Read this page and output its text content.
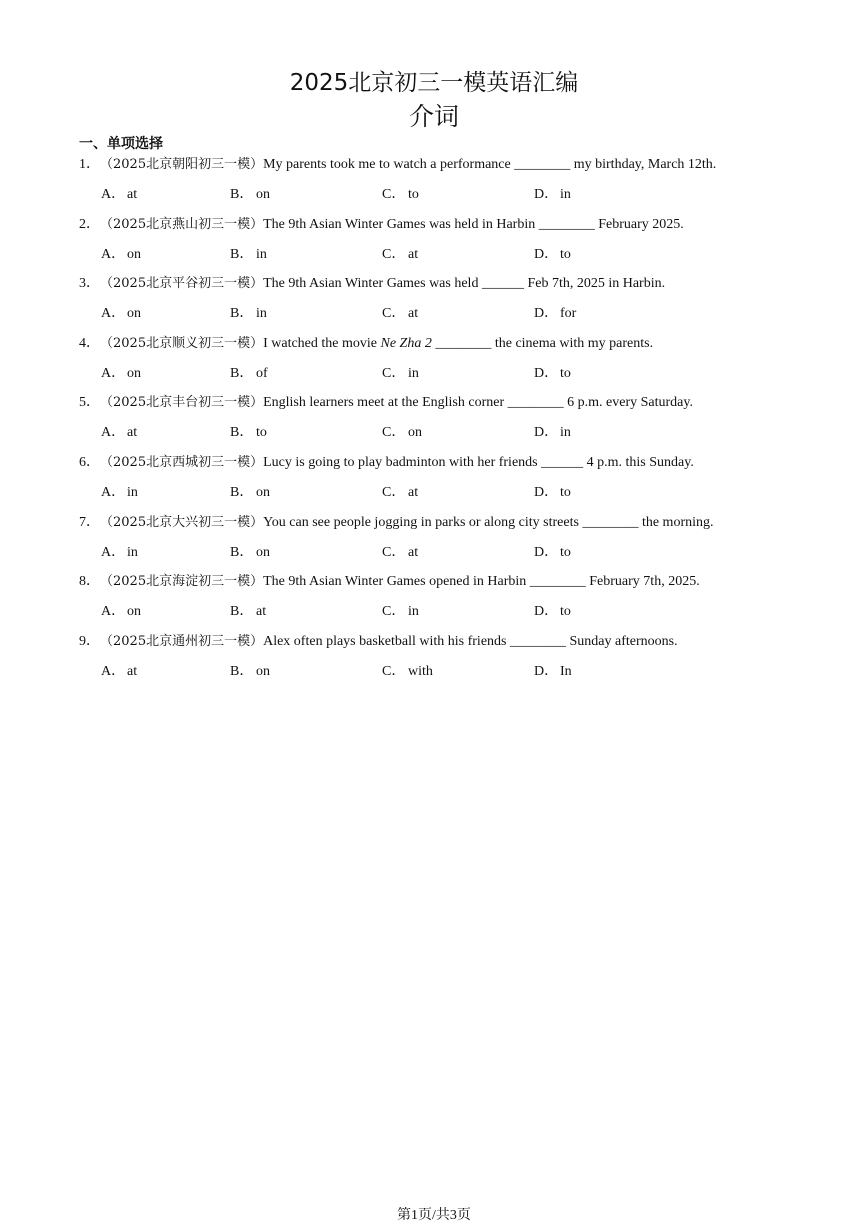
2025北京初三一模英语汇编
介词
一、单项选择
1．（2025北京朝阳初三一模）My parents took me to watch a performance ________ my birthday, March 12th.
A． at	B． on	C． to	D． in
2．（2025北京燕山初三一模）The 9th Asian Winter Games was held in Harbin ________ February 2025.
A． on	B． in	C． at	D． to
3．（2025北京平谷初三一模）The 9th Asian Winter Games was held ______ Feb 7th, 2025 in Harbin.
A． on	B． in	C． at	D． for
4．（2025北京顺义初三一模）I watched the movie Ne Zha 2 ________ the cinema with my parents.
A． on	B． of	C． in	D． to
5．（2025北京丰台初三一模）English learners meet at the English corner ________ 6 p.m. every Saturday.
A． at	B． to	C． on	D． in
6．（2025北京西城初三一模）Lucy is going to play badminton with her friends ______ 4 p.m. this Sunday.
A． in	B． on	C． at	D． to
7．（2025北京大兴初三一模）You can see people jogging in parks or along city streets ________ the morning.
A． in	B． on	C． at	D． to
8．（2025北京海淀初三一模）The 9th Asian Winter Games opened in Harbin ________ February 7th, 2025.
A． on	B． at	C． in	D． to
9．（2025北京通州初三一模）Alex often plays basketball with his friends ________ Sunday afternoons.
A． at	B． on	C． with	D． In
第1页/共3页
